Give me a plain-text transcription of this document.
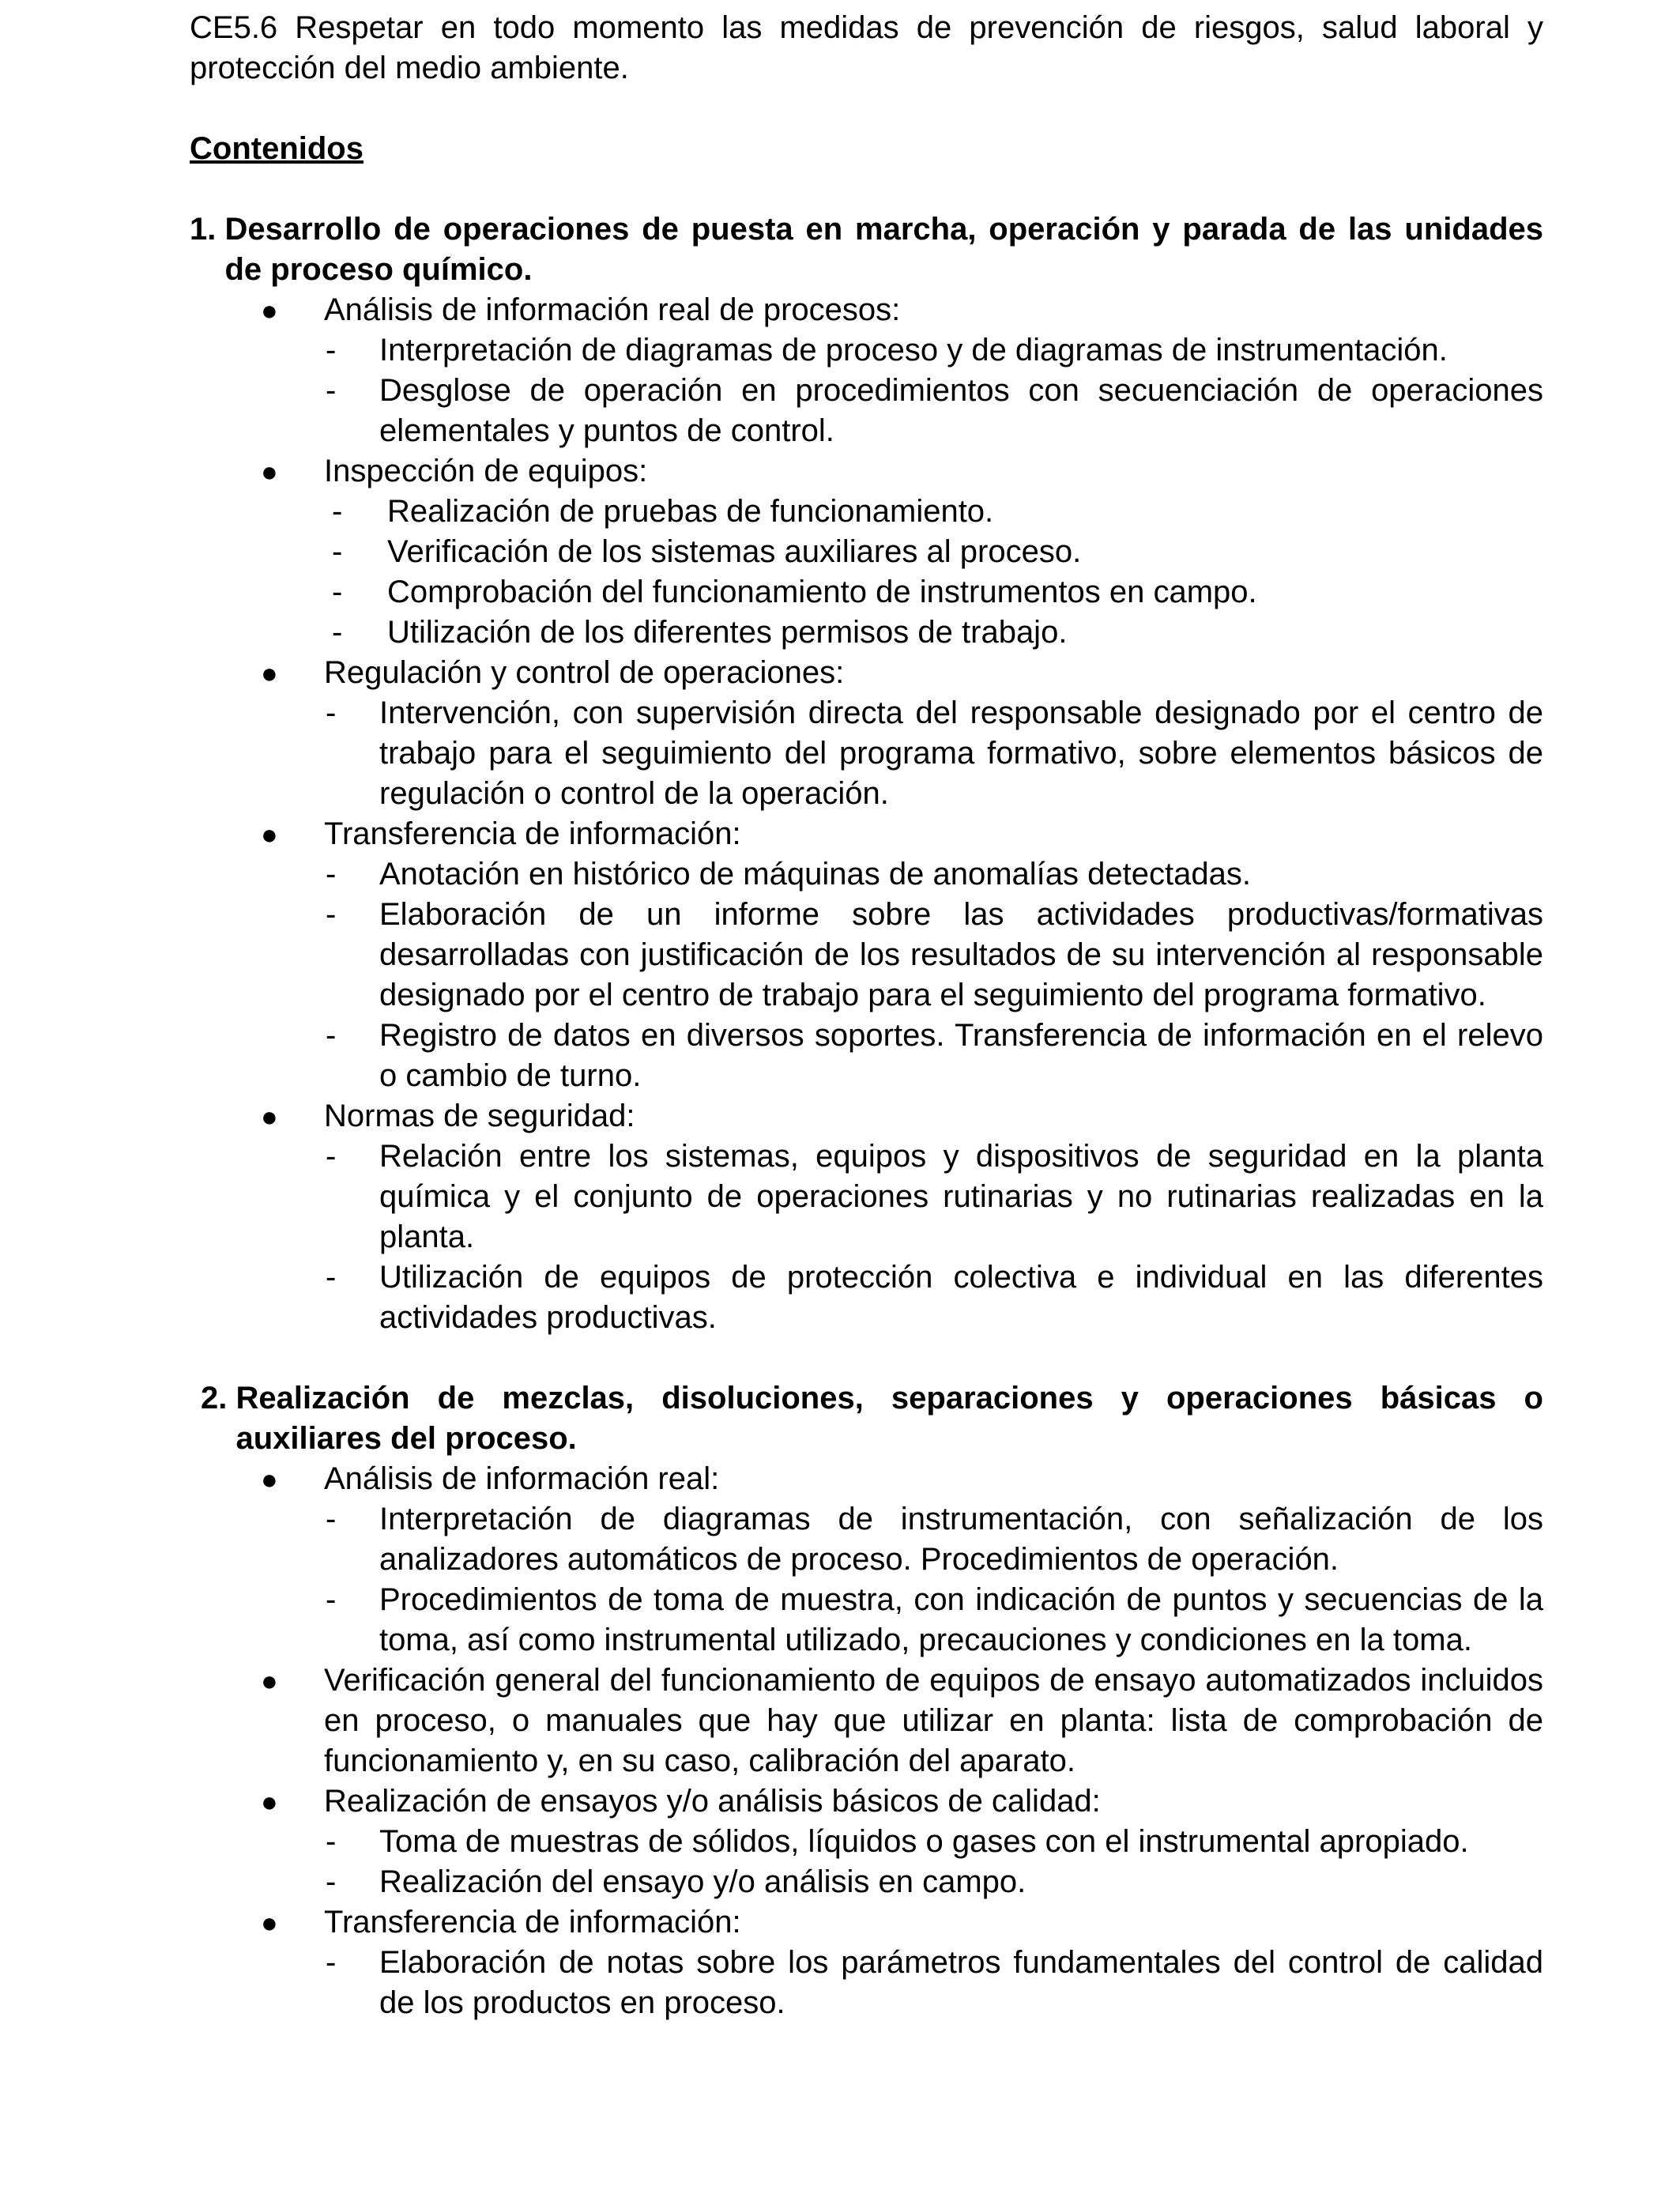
CE5.6 Respetar en todo momento las medidas de prevención de riesgos, salud laboral y protección del medio ambiente.

Contenidos
1. Desarrollo de operaciones de puesta en marcha, operación y parada de las unidades de proceso químico.
● Análisis de información real de procesos:
- Interpretación de diagramas de proceso y de diagramas de instrumentación.
- Desglose de operación en procedimientos con secuenciación de operaciones elementales y puntos de control.
● Inspección de equipos:
- Realización de pruebas de funcionamiento.
- Verificación de los sistemas auxiliares al proceso.
- Comprobación del funcionamiento de instrumentos en campo.
- Utilización de los diferentes permisos de trabajo.
● Regulación y control de operaciones:
- Intervención, con supervisión directa del responsable designado por el centro de trabajo para el seguimiento del programa formativo, sobre elementos básicos de regulación o control de la operación.
● Transferencia de información:
- Anotación en histórico de máquinas de anomalías detectadas.
- Elaboración de un informe sobre las actividades productivas/formativas desarrolladas con justificación de los resultados de su intervención al responsable designado por el centro de trabajo para el seguimiento del programa formativo.
- Registro de datos en diversos soportes. Transferencia de información en el relevo o cambio de turno.
● Normas de seguridad:
- Relación entre los sistemas, equipos y dispositivos de seguridad en la planta química y el conjunto de operaciones rutinarias y no rutinarias realizadas en la planta.
- Utilización de equipos de protección colectiva e individual en las diferentes actividades productivas.
2. Realización de mezclas, disoluciones, separaciones y operaciones básicas o auxiliares del proceso.
● Análisis de información real:
- Interpretación de diagramas de instrumentación, con señalización de los analizadores automáticos de proceso. Procedimientos de operación.
- Procedimientos de toma de muestra, con indicación de puntos y secuencias de la toma, así como instrumental utilizado, precauciones y condiciones en la toma.
● Verificación general del funcionamiento de equipos de ensayo automatizados incluidos en proceso, o manuales que hay que utilizar en planta: lista de comprobación de funcionamiento y, en su caso, calibración del aparato.
● Realización de ensayos y/o análisis básicos de calidad:
- Toma de muestras de sólidos, líquidos o gases con el instrumental apropiado.
- Realización del ensayo y/o análisis en campo.
● Transferencia de información:
- Elaboración de notas sobre los parámetros fundamentales del control de calidad de los productos en proceso.
